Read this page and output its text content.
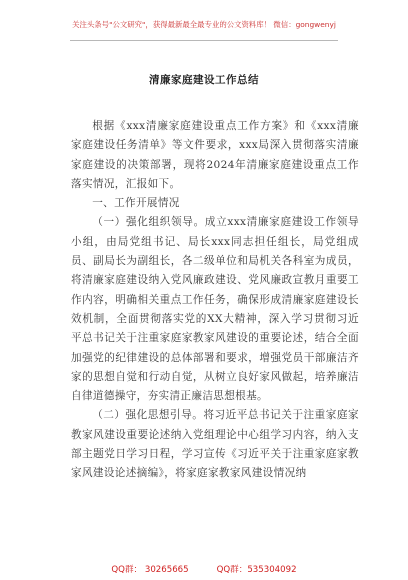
关注头条号"公文研究"，获得最新最全最专业的公文资料库！ 微信：gongwenyj
清廉家庭建设工作总结

根据《xxx清廉家庭建设重点工作方案》和《xxx清廉家庭建设任务清单》等文件要求，xxx局深入贯彻落实清廉家庭建设的决策部署，现将2024年清廉家庭建设重点工作落实情况，汇报如下。

一、工作开展情况

（一）强化组织领导。成立xxx清廉家庭建设工作领导小组，由局党组书记、局长xxx同志担任组长，局党组成员、副局长为副组长，各二级单位和局机关各科室为成员，将清廉家庭建设纳入党风廉政建设、党风廉政宣教月重要工作内容，明确相关重点工作任务，确保形成清廉家庭建设长效机制，全面贯彻落实党的XX大精神，深入学习贯彻习近平总书记关于注重家庭家教家风建设的重要论述，结合全面加强党的纪律建设的总体部署和要求，增强党员干部廉洁齐家的思想自觉和行动自觉，从树立良好家风做起，培养廉洁自律道德操守，夯实清正廉洁思想根基。

（二）强化思想引导。将习近平总书记关于注重家庭家教家风建设重要论述纳入党组理论中心组学习内容，纳入支部主题党日学习日程，学习宣传《习近平关于注重家庭家教家风建设论述摘编》，将家庭家教家风建设情况纳

QQ群： 30265665	QQ群：535304092
